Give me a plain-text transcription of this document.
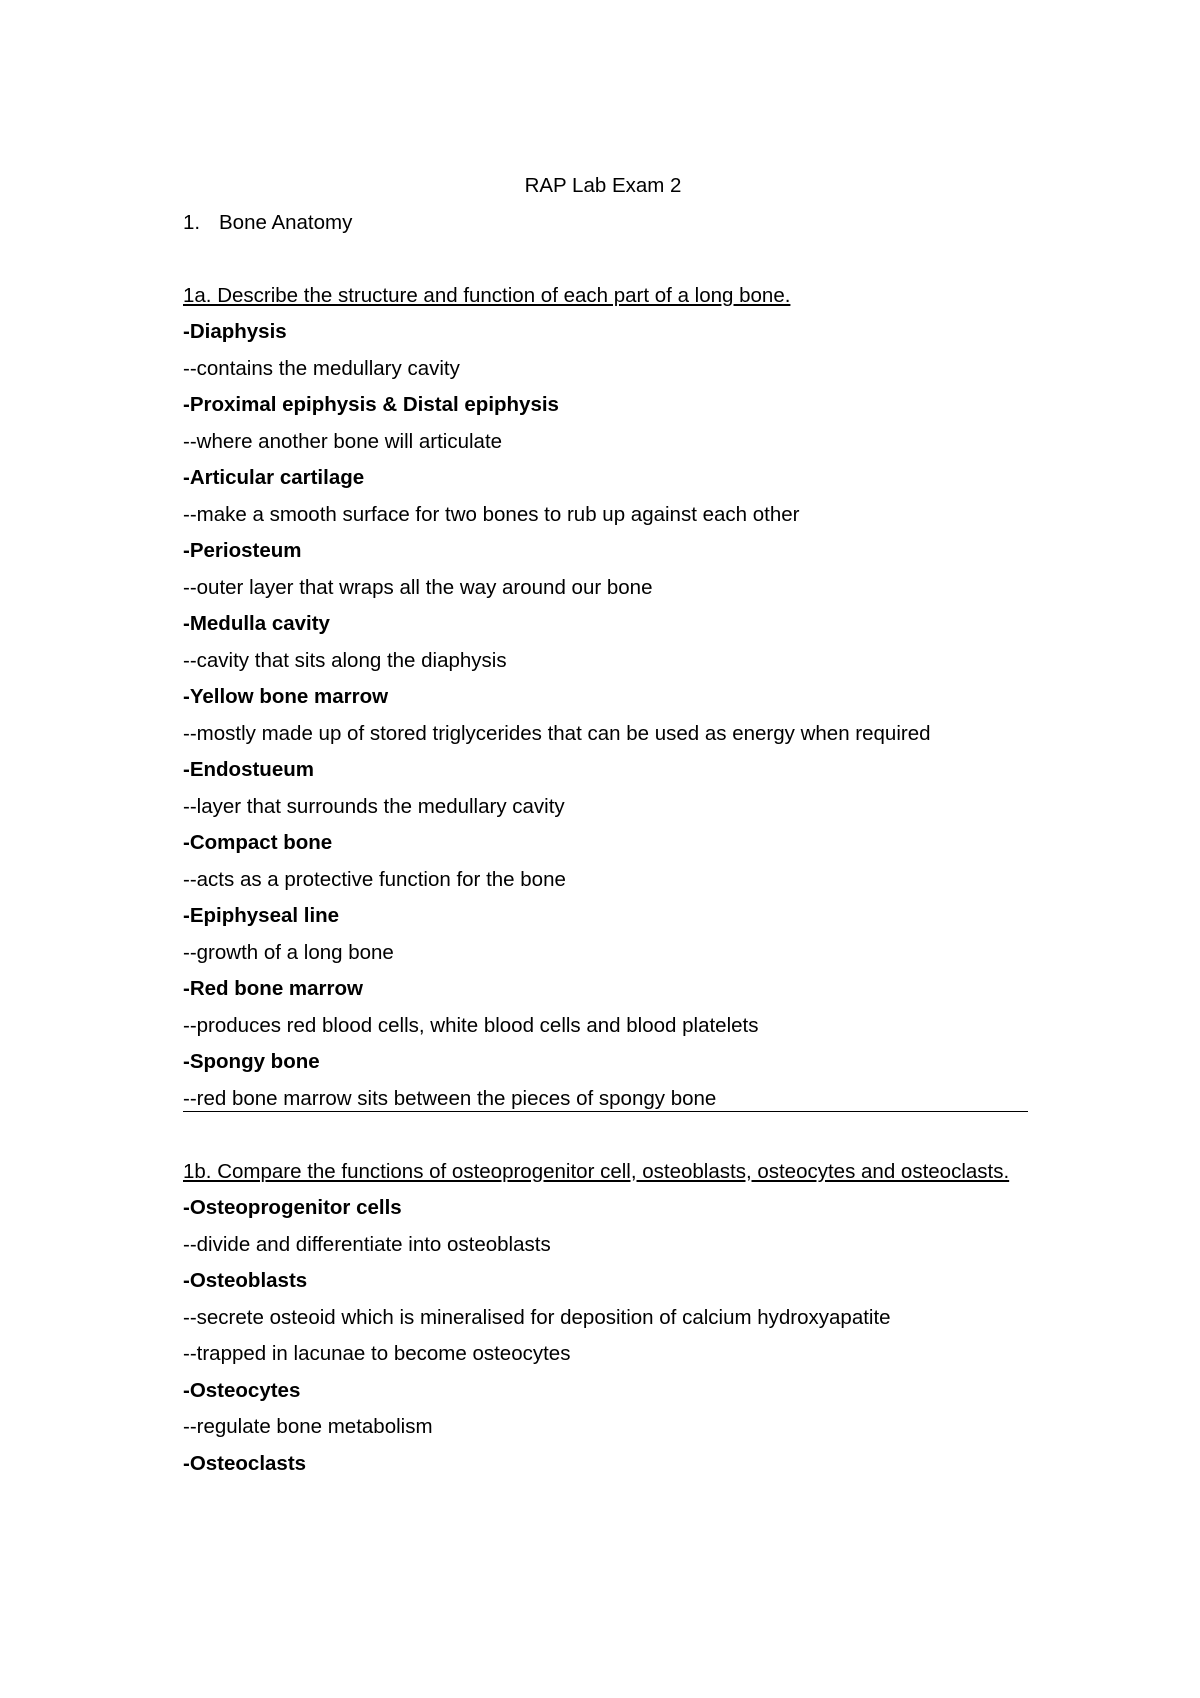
RAP Lab Exam 2
1. Bone Anatomy
1a. Describe the structure and function of each part of a long bone.
-Diaphysis
--contains the medullary cavity
-Proximal epiphysis & Distal epiphysis
--where another bone will articulate
-Articular cartilage
--make a smooth surface for two bones to rub up against each other
-Periosteum
--outer layer that wraps all the way around our bone
-Medulla cavity
--cavity that sits along the diaphysis
-Yellow bone marrow
--mostly made up of stored triglycerides that can be used as energy when required
-Endostueum
--layer that surrounds the medullary cavity
-Compact bone
--acts as a protective function for the bone
-Epiphyseal line
--growth of a long bone
-Red bone marrow
--produces red blood cells, white blood cells and blood platelets
-Spongy bone
--red bone marrow sits between the pieces of spongy bone
1b. Compare the functions of osteoprogenitor cell, osteoblasts, osteocytes and osteoclasts.
-Osteoprogenitor cells
--divide and differentiate into osteoblasts
-Osteoblasts
--secrete osteoid which is mineralised for deposition of calcium hydroxyapatite
--trapped in lacunae to become osteocytes
-Osteocytes
--regulate bone metabolism
-Osteoclasts
